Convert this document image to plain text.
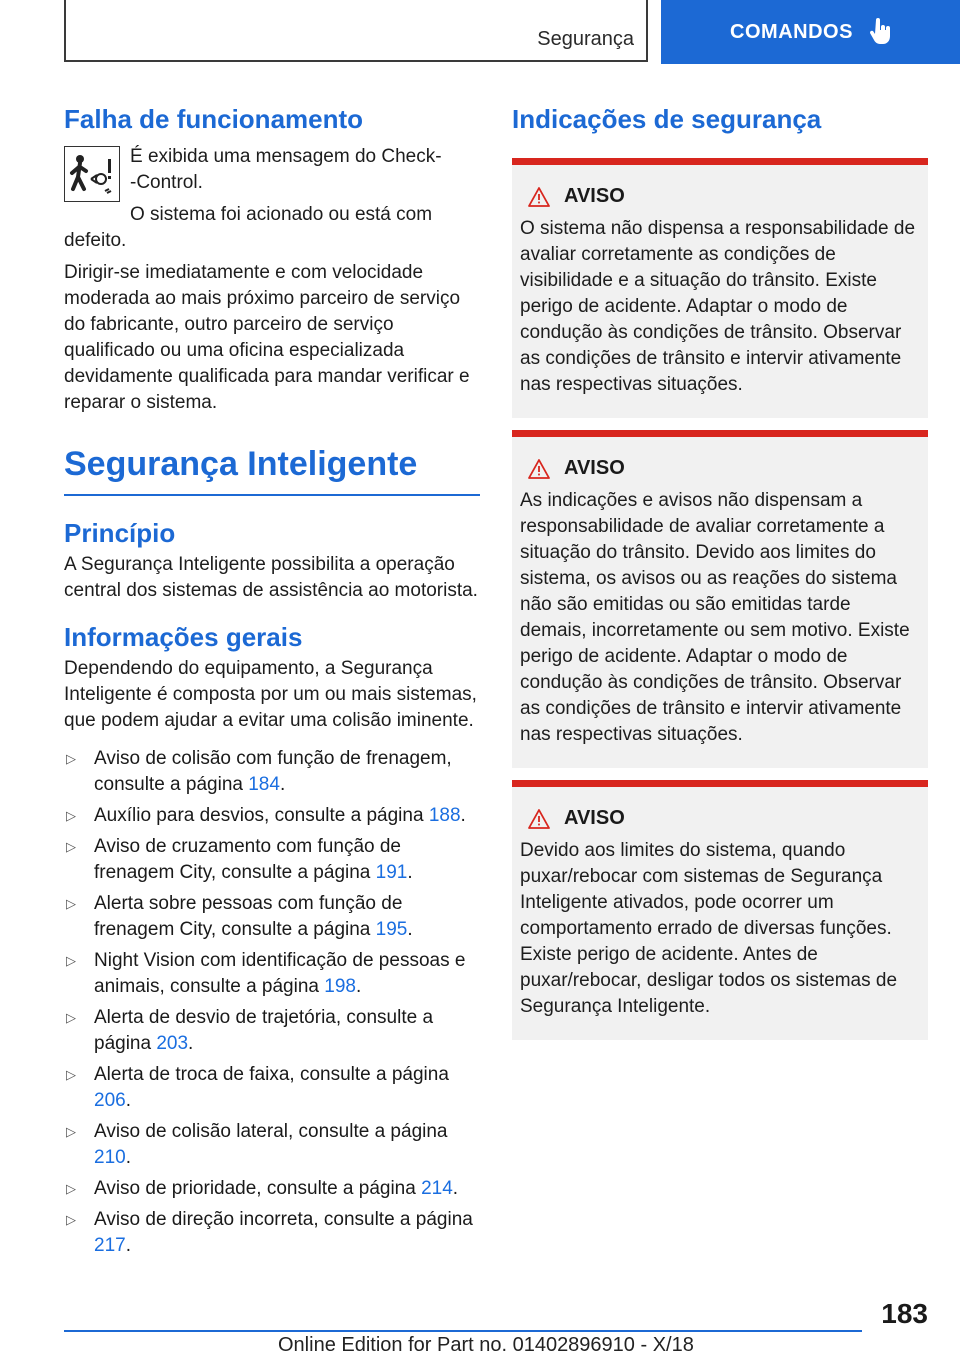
Segurança	COMANDOS
Falha de funcionamento

É exibida uma mensagem do Check-

-Control.

O sistema foi acionado ou está com defeito.

Dirigir-se imediatamente e com velocidade moderada ao mais próximo parceiro de serviço do fabricante, outro parceiro de serviço qualificado ou uma oficina especializada devidamente qualificada para mandar verificar e reparar o sistema.

Segurança Inteligente
Princípio

A Segurança Inteligente possibilita a operação central dos sistemas de assistência ao motorista.

Informações gerais

Dependendo do equipamento, a Segurança Inteligente é composta por um ou mais sistemas, que podem ajudar a evitar uma colisão iminente.

▷ Aviso de colisão com função de frenagem, consulte a página 184.
▷ Auxílio para desvios, consulte a página 188.
▷ Aviso de cruzamento com função de frenagem City, consulte a página 191.
▷ Alerta sobre pessoas com função de frenagem City, consulte a página 195.
▷ Night Vision com identificação de pessoas e animais, consulte a página 198.
▷ Alerta de desvio de trajetória, consulte a página 203.
▷ Alerta de troca de faixa, consulte a página 206.
▷ Aviso de colisão lateral, consulte a página 210.
▷ Aviso de prioridade, consulte a página 214.
▷ Aviso de direção incorreta, consulte a página 217.
Indicações de segurança
AVISO

O sistema não dispensa a responsabilidade de avaliar corretamente as condições de visibilidade e a situação do trânsito. Existe perigo de acidente. Adaptar o modo de condução às condições de trânsito. Observar as condições de trânsito e intervir ativamente nas respectivas situações.

AVISO

As indicações e avisos não dispensam a responsabilidade de avaliar corretamente a situação do trânsito. Devido aos limites do sistema, os avisos ou as reações do sistema não são emitidas ou são emitidas tarde demais, incorretamente ou sem motivo. Existe perigo de acidente. Adaptar o modo de condução às condições de trânsito. Observar as condições de trânsito e intervir ativamente nas respectivas situações.

AVISO

Devido aos limites do sistema, quando puxar/rebocar com sistemas de Segurança Inteligente ativados, pode ocorrer um comportamento errado de diversas funções. Existe perigo de acidente. Antes de puxar/rebocar, desligar todos os sistemas de Segurança Inteligente.

183
Online Edition for Part no. 01402896910 - X/18
